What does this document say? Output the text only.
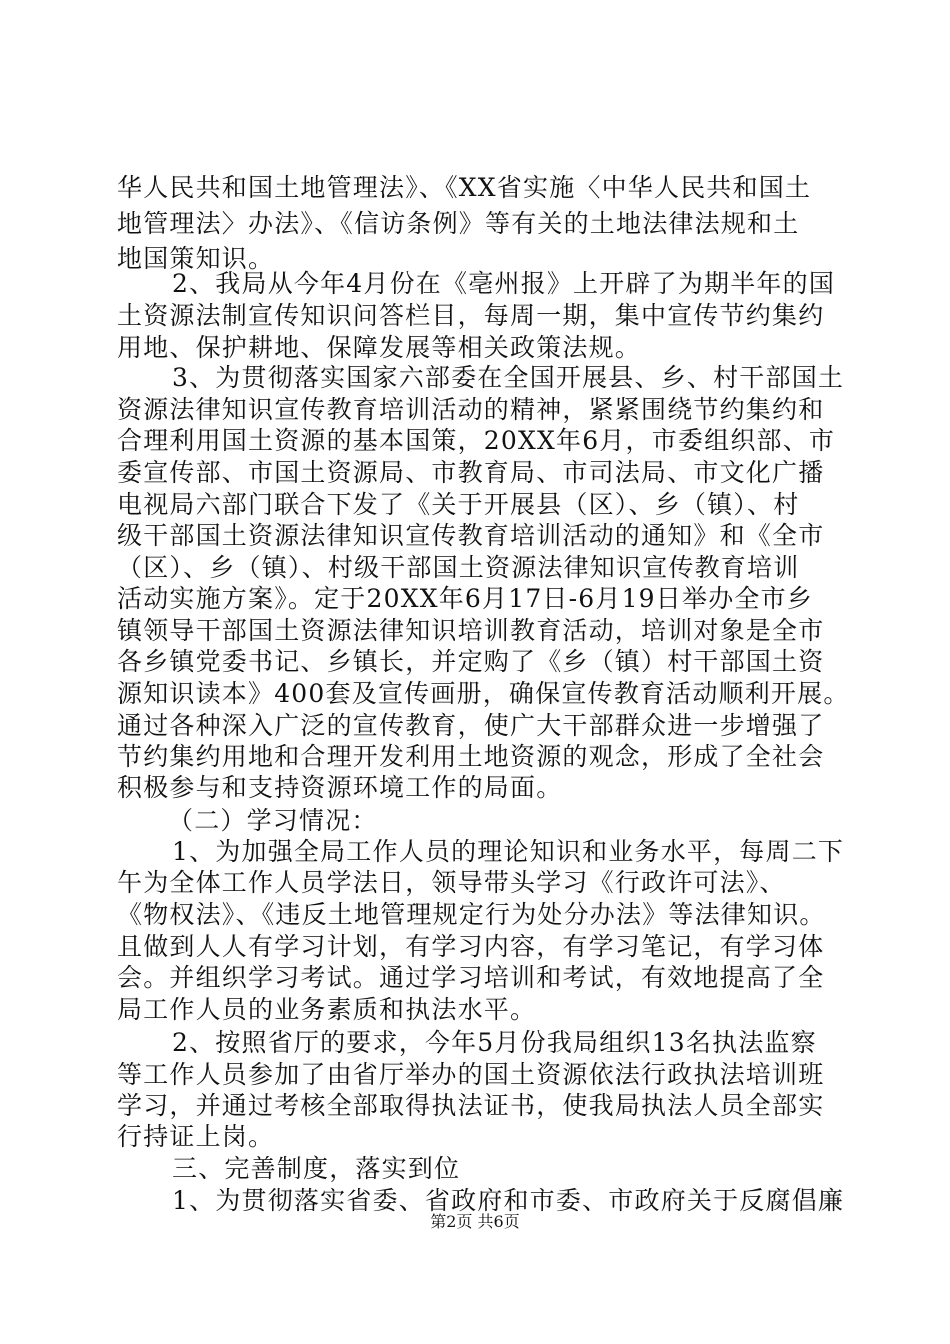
华人民共和国土地管理法》、《XX省实施〈中华人民共和国土
地管理法〉办法》、《信访条例》等有关的土地法律法规和土
地国策知识。
2、我局从今年4月份在《亳州报》上开辟了为期半年的国
土资源法制宣传知识问答栏目，每周一期，集中宣传节约集约
用地、保护耕地、保障发展等相关政策法规。
3、为贯彻落实国家六部委在全国开展县、乡、村干部国土
资源法律知识宣传教育培训活动的精神，紧紧围绕节约集约和
合理利用国土资源的基本国策，20XX年6月，市委组织部、市
委宣传部、市国土资源局、市教育局、市司法局、市文化广播
电视局六部门联合下发了《关于开展县（区）、乡（镇）、村
级干部国土资源法律知识宣传教育培训活动的通知》和《全市
（区）、乡（镇）、村级干部国土资源法律知识宣传教育培训
活动实施方案》。定于20XX年6月17日-6月19日举办全市乡
镇领导干部国土资源法律知识培训教育活动，培训对象是全市
各乡镇党委书记、乡镇长，并定购了《乡（镇）村干部国土资
源知识读本》400套及宣传画册，确保宣传教育活动顺利开展。
通过各种深入广泛的宣传教育，使广大干部群众进一步增强了
节约集约用地和合理开发利用土地资源的观念，形成了全社会
积极参与和支持资源环境工作的局面。
（二）学习情况：
1、为加强全局工作人员的理论知识和业务水平，每周二下
午为全体工作人员学法日，领导带头学习《行政许可法》、
《物权法》、《违反土地管理规定行为处分办法》等法律知识。
且做到人人有学习计划，有学习内容，有学习笔记，有学习体
会。并组织学习考试。通过学习培训和考试，有效地提高了全
局工作人员的业务素质和执法水平。
2、按照省厅的要求，今年5月份我局组织13名执法监察
等工作人员参加了由省厅举办的国土资源依法行政执法培训班
学习，并通过考核全部取得执法证书，使我局执法人员全部实
行持证上岗。
三、完善制度，落实到位
1、为贯彻落实省委、省政府和市委、市政府关于反腐倡廉
第2页 共6页
